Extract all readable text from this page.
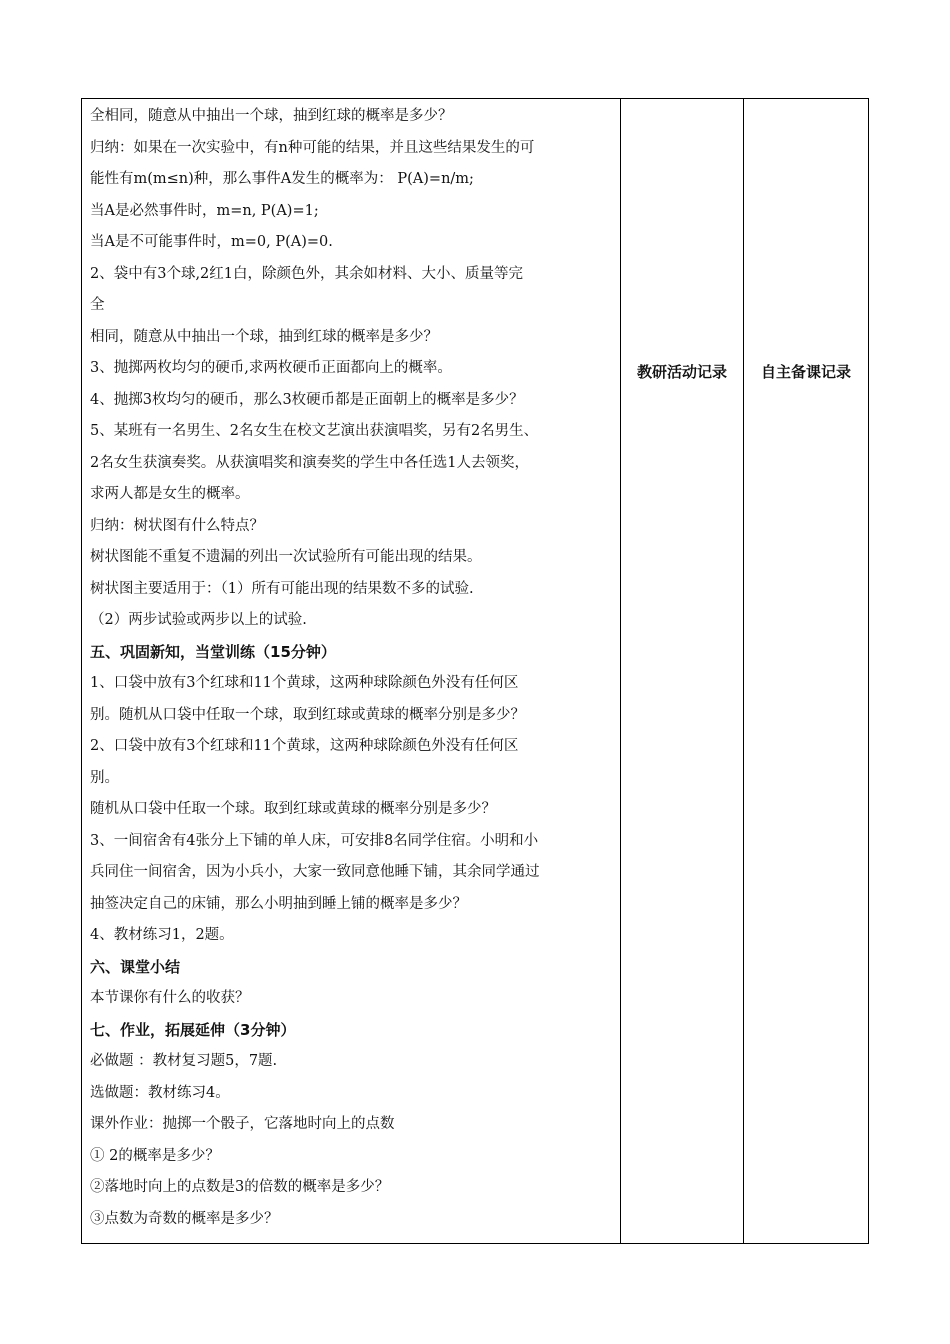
全相同，随意从中抽出一个球，抽到红球的概率是多少？
归纳：如果在一次实验中，有n种可能的结果，并且这些结果发生的可
能性有m(m≤n)种，那么事件A发生的概率为： P(A)=n/m;
当A是必然事件时，m=n, P(A)=1;
当A是不可能事件时，m=0, P(A)=0.
2、袋中有3个球,2红1白，除颜色外，其余如材料、大小、质量等完
全
相同，随意从中抽出一个球，抽到红球的概率是多少？
3、抛掷两枚均匀的硬币,求两枚硬币正面都向上的概率。
4、抛掷3枚均匀的硬币，那么3枚硬币都是正面朝上的概率是多少？
5、某班有一名男生、2名女生在校文艺演出获演唱奖，另有2名男生、
2名女生获演奏奖。从获演唱奖和演奏奖的学生中各任选1人去领奖，
求两人都是女生的概率。
归纳：树状图有什么特点？
树状图能不重复不遗漏的列出一次试验所有可能出现的结果。
树状图主要适用于：（1）所有可能出现的结果数不多的试验.
（2）两步试验或两步以上的试验.
五、巩固新知，当堂训练（15分钟）
1、口袋中放有3个红球和11个黄球，这两种球除颜色外没有任何区
别。随机从口袋中任取一个球，取到红球或黄球的概率分别是多少？
2、口袋中放有3个红球和11个黄球，这两种球除颜色外没有任何区
别。
随机从口袋中任取一个球。取到红球或黄球的概率分别是多少？
3、一间宿舍有4张分上下铺的单人床，可安排8名同学住宿。小明和小
兵同住一间宿舍，因为小兵小，大家一致同意他睡下铺，其余同学通过
抽签决定自己的床铺，那么小明抽到睡上铺的概率是多少？
4、教材练习1，2题。
六、课堂小结
本节课你有什么的收获？
七、作业，拓展延伸（3分钟）
必做题 ：教材复习题5，7题.
选做题：教材练习4。
课外作业：抛掷一个骰子，它落地时向上的点数
① 2的概率是多少？
②落地时向上的点数是3的倍数的概率是多少？
③点数为奇数的概率是多少？
教研活动记录	自主备课记录
